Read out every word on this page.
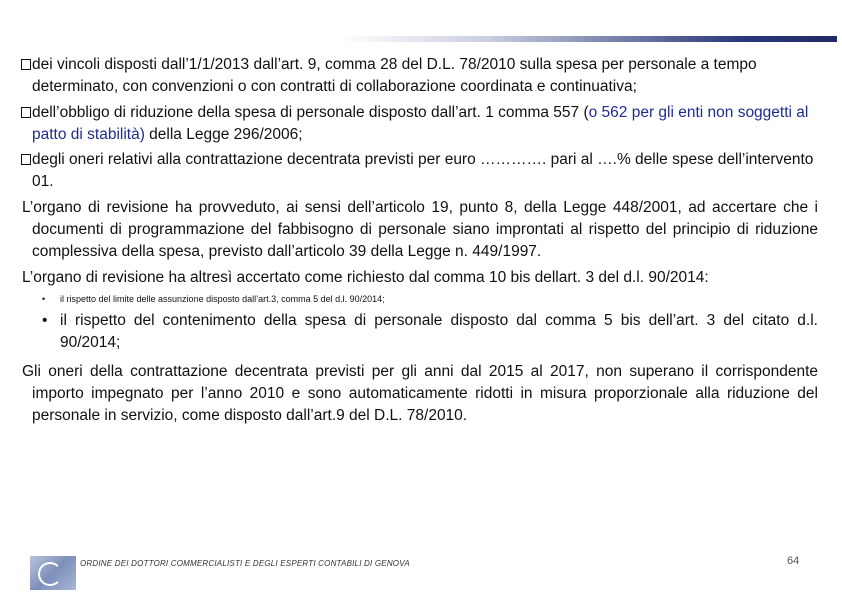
dei vincoli disposti dall’1/1/2013 dall’art. 9, comma 28 del D.L. 78/2010 sulla spesa per personale a tempo determinato, con convenzioni o con contratti di collaborazione coordinata e continuativa;
dell’obbligo di riduzione della spesa di personale disposto dall’art. 1 comma 557 (o 562 per gli enti non soggetti al patto di stabilità) della Legge 296/2006;
degli oneri relativi alla contrattazione decentrata previsti per euro …………. pari al ….% delle spese dell’intervento 01.

L’organo di revisione ha provveduto, ai sensi dell’articolo 19, punto 8, della Legge 448/2001, ad accertare che i documenti di programmazione del fabbisogno di personale siano improntati al rispetto del principio di riduzione complessiva della spesa, previsto dall’articolo 39 della Legge n. 449/1997.

L’organo di revisione ha altresì accertato come richiesto dal comma 10 bis dellart. 3 del d.l. 90/2014:

• il rispetto del limite delle assunzione disposto dall’art.3, comma 5 del d.l. 90/2014;
• il rispetto del contenimento della spesa di personale disposto dal comma 5 bis dell’art. 3 del citato d.l. 90/2014;

Gli oneri della contrattazione decentrata previsti per gli anni dal 2015 al 2017, non superano il corrispondente importo impegnato per l’anno 2010 e sono automaticamente ridotti in misura proporzionale alla riduzione del personale in servizio, come disposto dall’art.9 del D.L. 78/2010.

ORDINE DEI DOTTORI COMMERCIALISTI E DEGLI ESPERTI CONTABILI DI GENOVA	64
